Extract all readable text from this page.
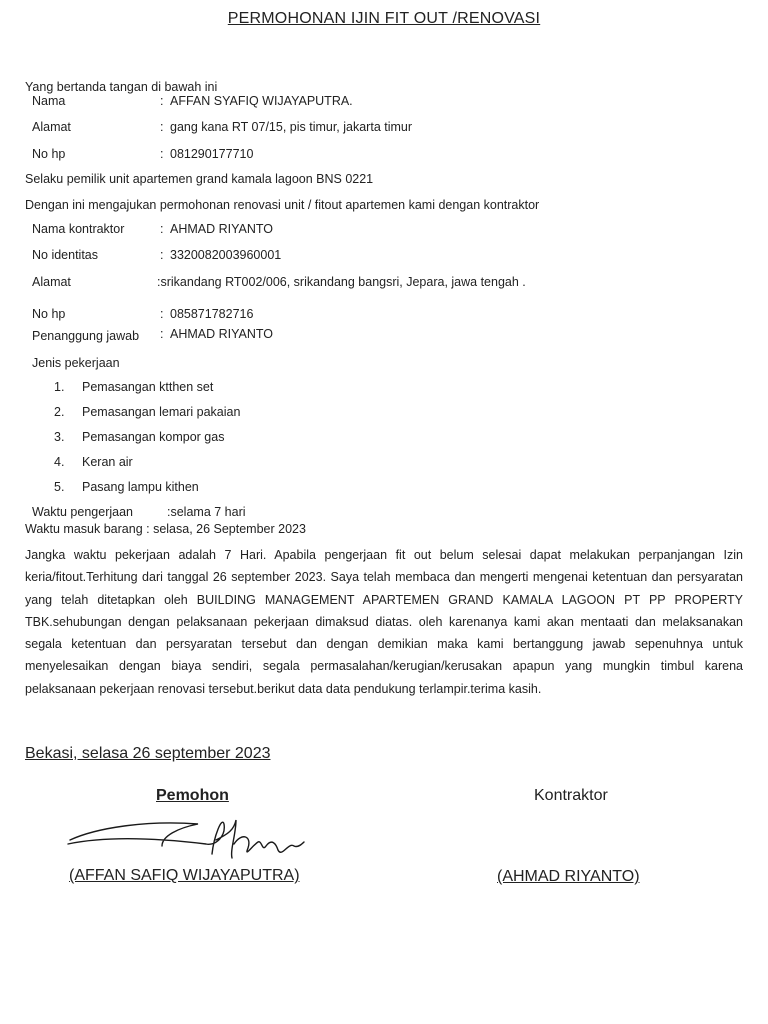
PERMOHONAN IJIN FIT OUT /RENOVASI
Yang bertanda tangan di bawah ini
Nama	: AFFAN SYAFIQ WIJAYAPUTRA.
Alamat	: gang kana RT 07/15, pis timur, jakarta timur
No hp	: 081290177710
Selaku pemilik unit apartemen grand kamala lagoon BNS 0221
Dengan ini mengajukan permohonan renovasi unit / fitout apartemen kami dengan kontraktor
Nama kontraktor	: AHMAD RIYANTO
No identitas	: 3320082003960001
Alamat	:srikandang RT002/006, srikandang bangsri, Jepara, jawa tengah .
No hp	: 085871782716
Penanggung jawab : AHMAD RIYANTO
Jenis pekerjaan
1. Pemasangan ktthen set
2. Pemasangan lemari pakaian
3. Pemasangan kompor gas
4. Keran air
5. Pasang lampu kithen
Waktu pengerjaan	:selama 7 hari
Waktu masuk barang : selasa, 26 September 2023
Jangka waktu pekerjaan adalah 7 Hari. Apabila pengerjaan fit out belum selesai dapat melakukan perpanjangan Izin keria/fitout.Terhitung dari tanggal 26 september 2023. Saya telah membaca dan mengerti mengenai ketentuan dan persyaratan yang telah ditetapkan oleh BUILDING MANAGEMENT APARTEMEN GRAND KAMALA LAGOON PT PP PROPERTY TBK.sehubungan dengan pelaksanaan pekerjaan dimaksud diatas. oleh karenanya kami akan mentaati dan melaksanakan segala ketentuan dan persyaratan tersebut dan dengan demikian maka kami bertanggung jawab sepenuhnya untuk menyelesaikan dengan biaya sendiri, segala permasalahan/kerugian/kerusakan apapun yang mungkin timbul karena pelaksanaan pekerjaan renovasi tersebut.berikut data data pendukung terlampir.terima kasih.
Bekasi, selasa 26 september 2023
Pemohon	Kontraktor
(AFFAN SAFIQ WIJAYAPUTRA)	(AHMAD RIYANTO)
